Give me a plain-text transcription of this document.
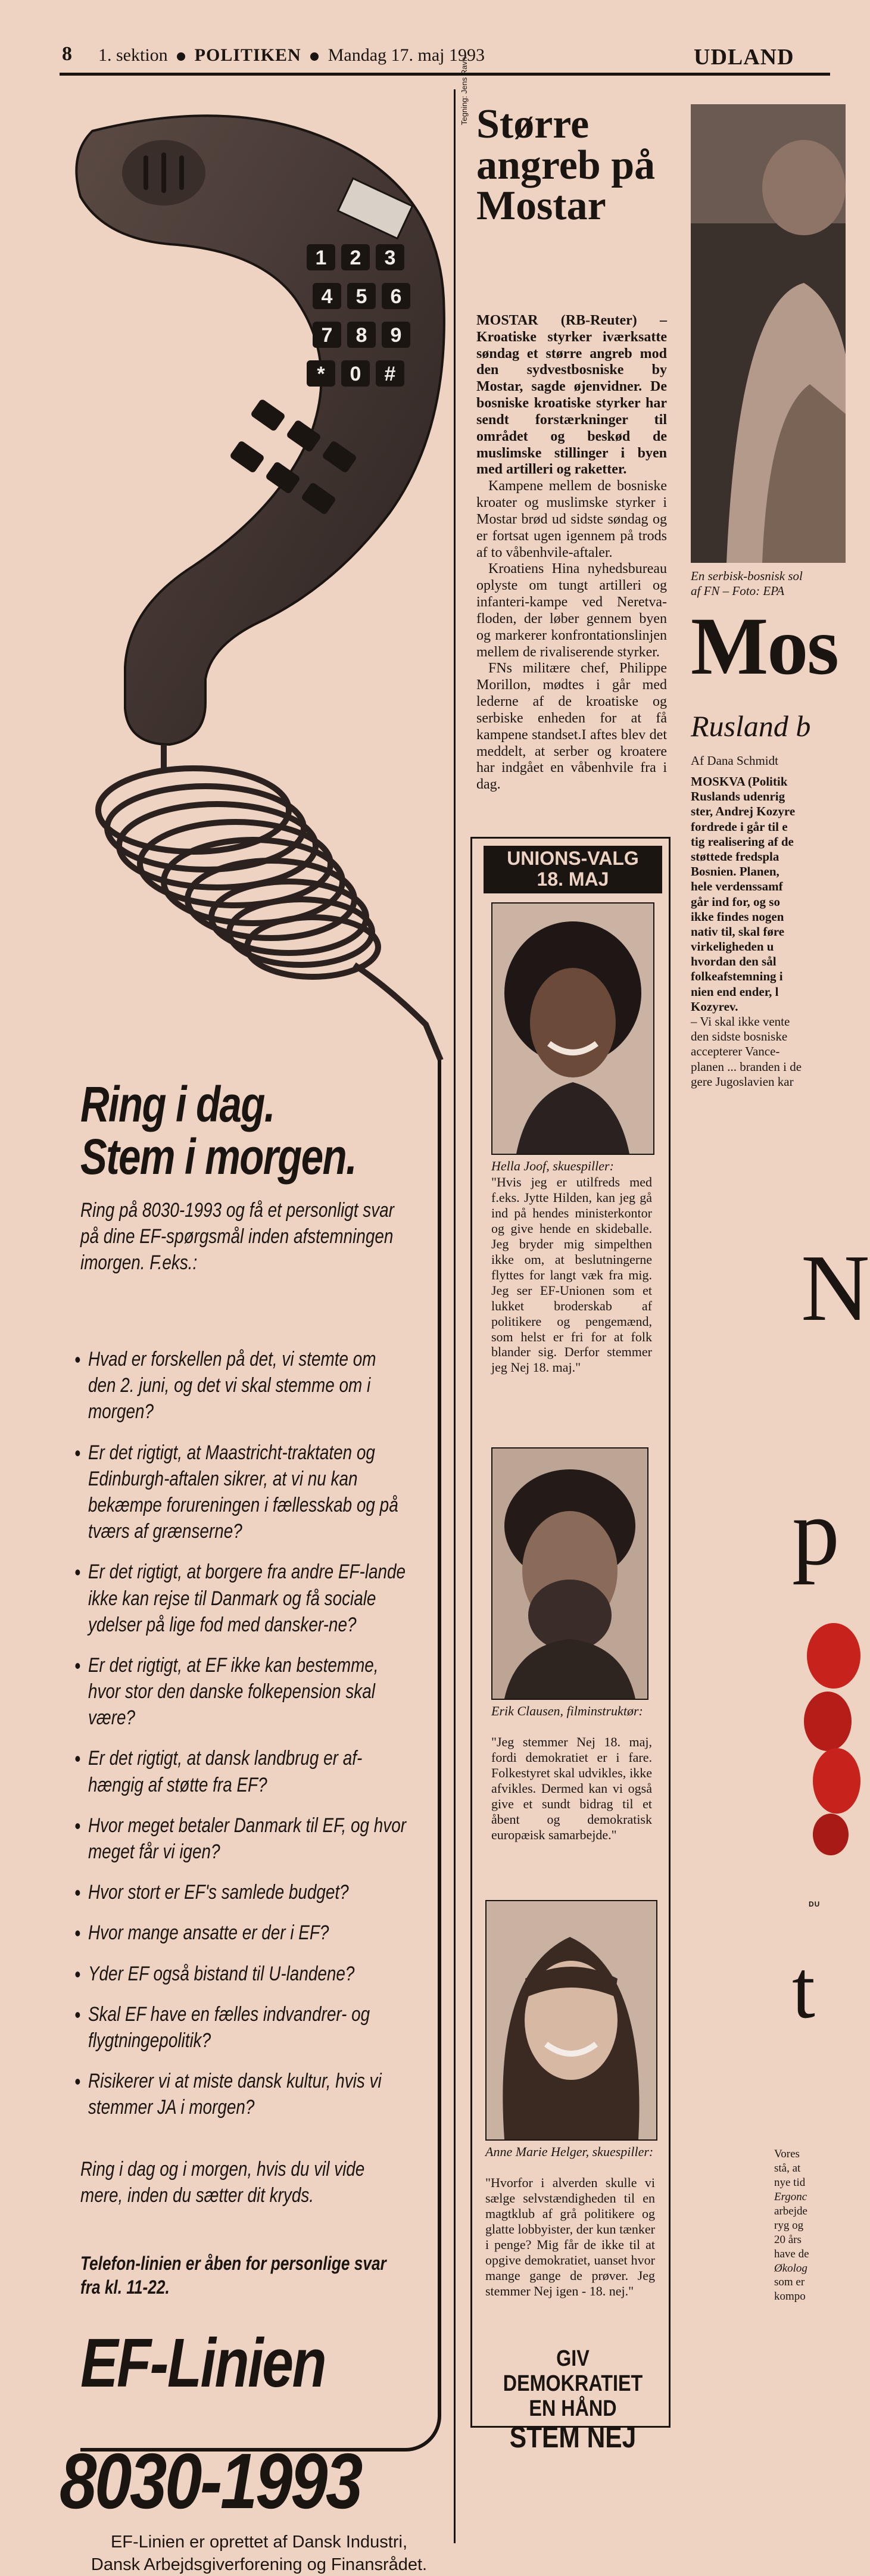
8 1. sektion POLITIKEN Mandag 17. maj 1993	UDLAND
1 2 3
4 5 6
7 8 9
* 0 #
Ring i dag.
Stem i morgen.
Ring på 8030-1993 og få et personligt svar på dine EF-spørgsmål inden afstemningen imorgen. F.eks.:
• Hvad er forskellen på det, vi stemte om den 2. juni, og det vi skal stemme om i morgen?
• Er det rigtigt, at Maastricht-traktaten og Edinburgh-aftalen sikrer, at vi nu kan bekæmpe forureningen i fællesskab og på tværs af grænserne?
• Er det rigtigt, at borgere fra andre EF-lande ikke kan rejse til Danmark og få sociale ydelser på lige fod med dansker-ne?
• Er det rigtigt, at EF ikke kan bestemme, hvor stor den danske folkepension skal være?
• Er det rigtigt, at dansk landbrug er af-hængig af støtte fra EF?
• Hvor meget betaler Danmark til EF, og hvor meget får vi igen?
• Hvor stort er EF's samlede budget?
• Hvor mange ansatte er der i EF?
• Yder EF også bistand til U-landene?
• Skal EF have en fælles indvandrer- og flygtningepolitik?
• Risikerer vi at miste dansk kultur, hvis vi stemmer JA i morgen?
Ring i dag og i morgen, hvis du vil vide mere, inden du sætter dit kryds.
Telefon-linien er åben for personlige svar fra kl. 11-22.
EF-Linien
8030-1993
EF-Linien er oprettet af Dansk Industri,
Dansk Arbejdsgiverforening og Finansrådet.
Tegning: Jens Ravn Større angreb på Mostar

MOSTAR (RB-Reuter) – Kroatiske styrker iværksatte søndag et større angreb mod den sydvestbosniske by Mostar, sagde øjenvidner. De bosniske kroatiske styrker har sendt forstærkninger til området og beskød de muslimske stillinger i byen med artilleri og raketter.

Kampene mellem de bosniske kroater og muslimske styrker i Mostar brød ud sidste søndag og er fortsat ugen igennem på trods af to våbenhvile-aftaler.

Kroatiens Hina nyhedsbureau oplyste om tungt artilleri og infanteri-kampe ved Neretva-floden, der løber gennem byen og markerer konfrontationslinjen mellem de rivaliserende styrker.

FNs militære chef, Philippe Morillon, mødtes i går med lederne af de kroatiske og serbiske enheden for at få kampene standset.I aftes blev det meddelt, at serber og kroatere har indgået en våbenhvile fra i dag.

UNIONS-VALG
18. MAJ
Hella Joof, skuespiller:
"Hvis jeg er utilfreds med f.eks. Jytte Hilden, kan jeg gå ind på hendes ministerkontor og give hende en skideballe. Jeg bryder mig simpelthen ikke om, at beslutningerne flyttes for langt væk fra mig. Jeg ser EF-Unionen som et lukket broderskab af politikere og pengemænd, som helst er fri for at folk blander sig. Derfor stemmer jeg Nej 18. maj."
Erik Clausen, filminstruktør:
"Jeg stemmer Nej 18. maj, fordi demokratiet er i fare. Folkestyret skal udvikles, ikke afvikles. Dermed kan vi også give et sundt bidrag til et åbent og demokratisk europæisk samarbejde."
Anne Marie Helger, skuespiller:
"Hvorfor i alverden skulle vi sælge selvstændigheden til en magtklub af grå politikere og glatte lobbyister, der kun tænker i penge? Mig får de ikke til at opgive demokratiet, uanset hvor mange gange de prøver. Jeg stemmer Nej igen - 18. nej."
GIV
DEMOKRATIET
EN HÅND
STEM NEJ
En serbisk-bosnisk sol
af FN – Foto: EPA
Mos
Rusland b
Af Dana Schmidt

MOSKVA (Politik

Ruslands udenrig

ster, Andrej Kozyre

fordrede i går til e

tig realisering af de

støttede fredspla

Bosnien. Planen,

hele verdenssamf

går ind for, og so

ikke findes nogen

nativ til, skal føre

virkeligheden u

hvordan den sål

folkeafstemning i

nien end ender, l

Kozyrev.

– Vi skal ikke vente

den sidste bosniske

accepterer Vance-

planen ... branden i de

gere Jugoslavien kar

N
p
DU
t

Vores

stå, at

nye tid

Ergonc

arbejde

ryg og

20 års

have de

Økolog

som er

kompo
